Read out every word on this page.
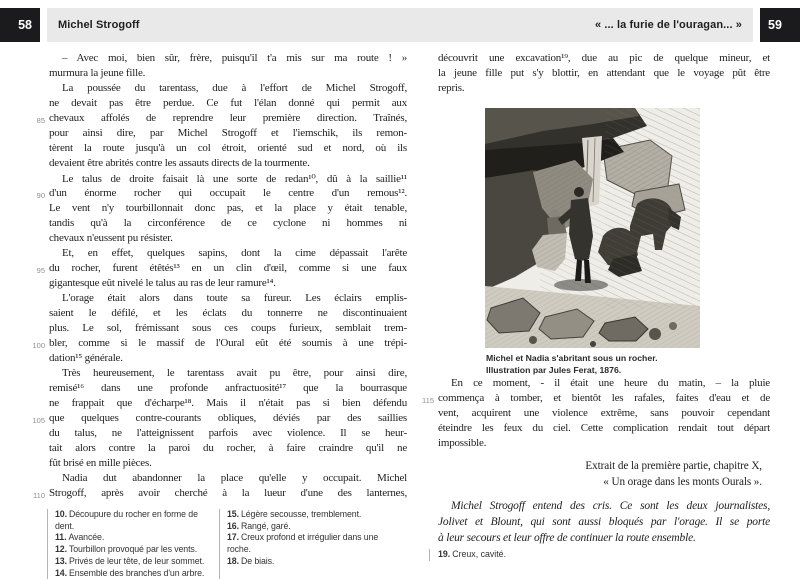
58	Michel Strogoff	« ... la furie de l'ouragan... »	59
– Avec moi, bien sûr, frère, puisqu'il t'a mis sur ma route ! »
murmura la jeune fille.
La poussée du tarentass, due à l'effort de Michel Strogoff,
ne devait pas être perdue. Ce fut l'élan donné qui permit aux
85 chevaux affolés de reprendre leur première direction. Traînés,
pour ainsi dire, par Michel Strogoff et l'iemschik, ils remon-
tèrent la route jusqu'à un col étroit, orienté sud et nord, où ils
devaient être abrités contre les assauts directs de la tourmente.
Le talus de droite faisait là une sorte de redan¹⁰, dû à la saillie¹¹
90 d'un énorme rocher qui occupait le centre d'un remous¹².
Le vent n'y tourbillonnait donc pas, et la place y était tenable,
tandis qu'à la circonférence de ce cyclone ni hommes ni
chevaux n'eussent pu résister.
Et, en effet, quelques sapins, dont la cime dépassait l'arête
95 du rocher, furent étêtés¹³ en un clin d'œil, comme si une faux
gigantesque eût nivelé le talus au ras de leur ramure¹⁴.
L'orage était alors dans toute sa fureur. Les éclairs emplis-
saient le défilé, et les éclats du tonnerre ne discontinuaient
plus. Le sol, frémissant sous ces coups furieux, semblait trem-
100 bler, comme si le massif de l'Oural eût été soumis à une trépi-
dation¹⁵ générale.
Très heureusement, le tarentass avait pu être, pour ainsi dire,
remisé¹⁶ dans une profonde anfractuosité¹⁷ que la bourrasque
ne frappait que d'écharpe¹⁸. Mais il n'était pas si bien défendu
105 que quelques contre-courants obliques, déviés par des saillies
du talus, ne l'atteignissent parfois avec violence. Il se heur-
tait alors contre la paroi du rocher, à faire craindre qu'il ne
fût brisé en mille pièces.
Nadia dut abandonner la place qu'elle y occupait. Michel
110 Strogoff, après avoir cherché à la lueur d'une des lanternes,
10. Découpure du rocher en forme de dent.
11. Avancée.
12. Tourbillon provoqué par les vents.
13. Privés de leur tête, de leur sommet.
14. Ensemble des branches d'un arbre.
15. Légère secousse, tremblement.
16. Rangé, garé.
17. Creux profond et irrégulier dans une roche.
18. De biais.
découvrit une excavation¹⁹, due au pic de quelque mineur, et
la jeune fille put s'y blottir, en attendant que le voyage pût être
repris.
Michel et Nadia s'abritant sous un rocher.
Illustration par Jules Ferat, 1876.
En ce moment, - il était une heure du matin, – la pluie
115 commença à tomber, et bientôt les rafales, faites d'eau et de
vent, acquirent une violence extrême, sans pouvoir cependant
éteindre les feux du ciel. Cette complication rendait tout départ
impossible.
Extrait de la première partie, chapitre X,
« Un orage dans les monts Ourals ».
Michel Strogoff entend des cris. Ce sont les deux journalistes,
Jolivet et Blount, qui sont aussi bloqués par l'orage. Il se porte
à leur secours et leur offre de continuer la route ensemble.
19. Creux, cavité.
